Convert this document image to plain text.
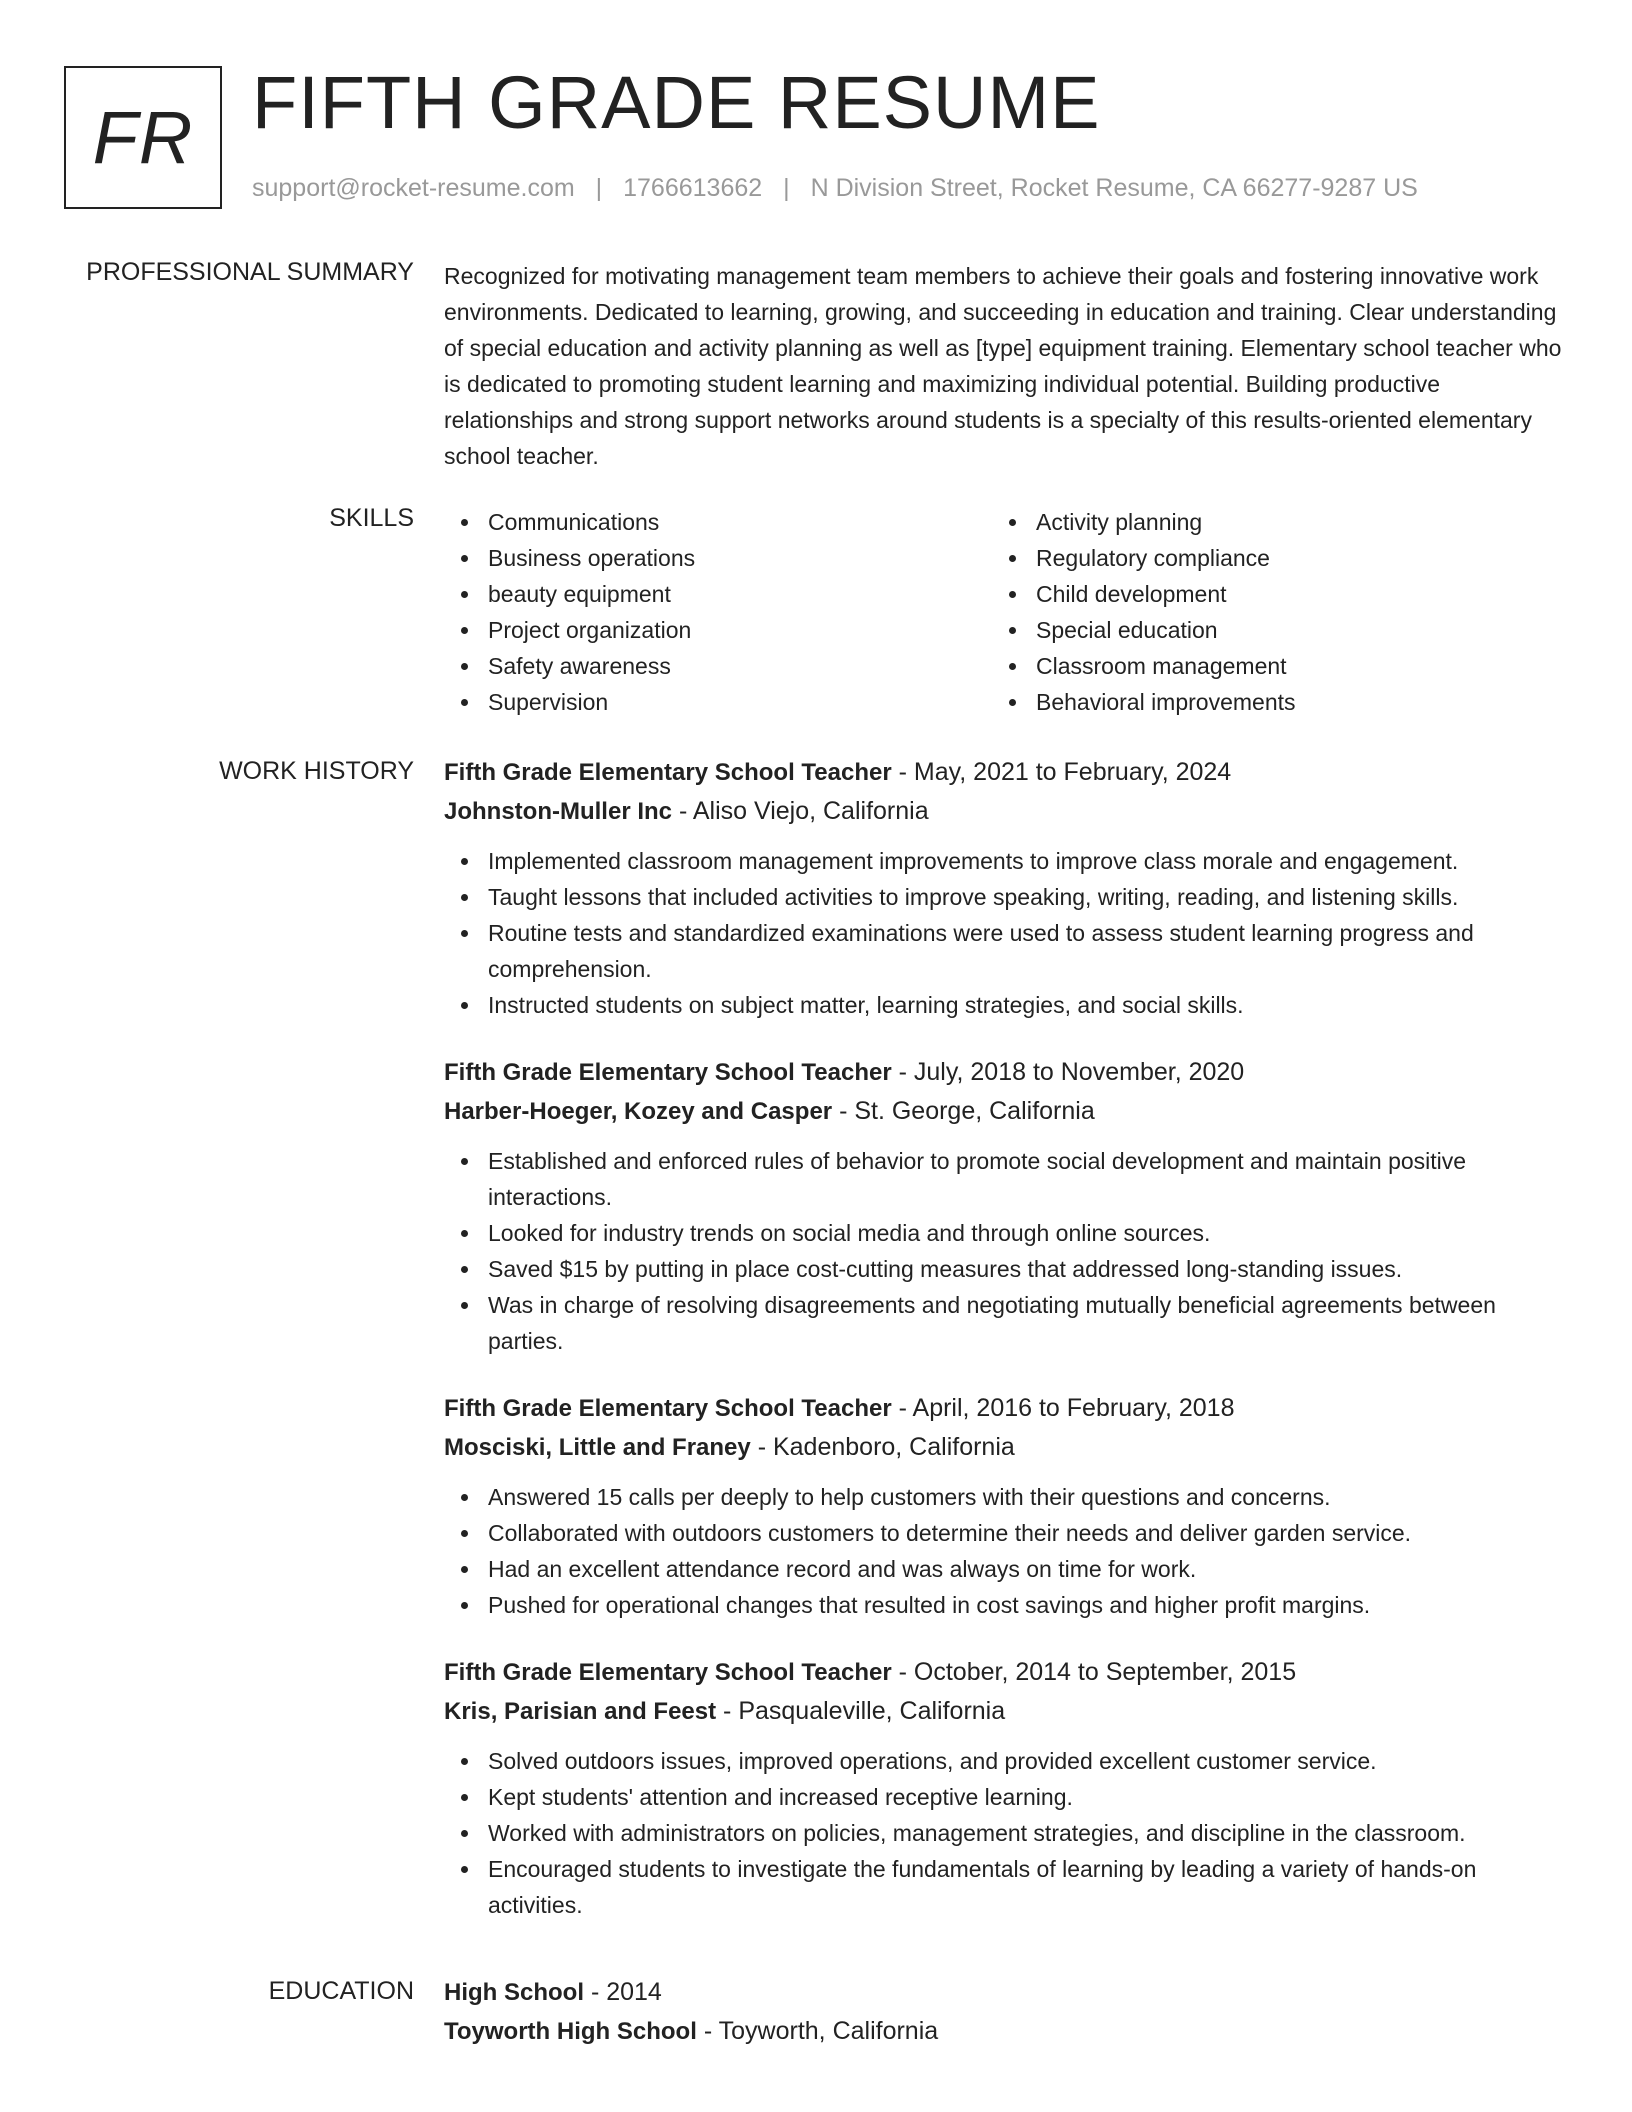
FR FIFTH GRADE RESUME
support@rocket-resume.com | 1766613662 | N Division Street, Rocket Resume, CA 66277-9287 US
PROFESSIONAL SUMMARY Recognized for motivating management team members to achieve their goals and fostering innovative work environments. Dedicated to learning, growing, and succeeding in education and training. Clear understanding of special education and activity planning as well as [type] equipment training. Elementary school teacher who is dedicated to promoting student learning and maximizing individual potential. Building productive relationships and strong support networks around students is a specialty of this results-oriented elementary school teacher.
SKILLS	Communications
Business operations
beauty equipment
Project organization
Safety awareness
Supervision
Activity planning
Regulatory compliance
Child development
Special education
Classroom management
Behavioral improvements
WORK HISTORY Fifth Grade Elementary School Teacher - May, 2021 to February, 2024
Johnston-Muller Inc - Aliso Viejo, California
Implemented classroom management improvements to improve class morale and engagement.
Taught lessons that included activities to improve speaking, writing, reading, and listening skills.
Routine tests and standardized examinations were used to assess student learning progress and comprehension.
Instructed students on subject matter, learning strategies, and social skills.
Fifth Grade Elementary School Teacher - July, 2018 to November, 2020
Harber-Hoeger, Kozey and Casper - St. George, California
Established and enforced rules of behavior to promote social development and maintain positive interactions.
Looked for industry trends on social media and through online sources.
Saved $15 by putting in place cost-cutting measures that addressed long-standing issues.
Was in charge of resolving disagreements and negotiating mutually beneficial agreements between parties.
Fifth Grade Elementary School Teacher - April, 2016 to February, 2018
Mosciski, Little and Franey - Kadenboro, California
Answered 15 calls per deeply to help customers with their questions and concerns.
Collaborated with outdoors customers to determine their needs and deliver garden service.
Had an excellent attendance record and was always on time for work.
Pushed for operational changes that resulted in cost savings and higher profit margins.
Fifth Grade Elementary School Teacher - October, 2014 to September, 2015
Kris, Parisian and Feest - Pasqualeville, California
Solved outdoors issues, improved operations, and provided excellent customer service.
Kept students' attention and increased receptive learning.
Worked with administrators on policies, management strategies, and discipline in the classroom.
Encouraged students to investigate the fundamentals of learning by leading a variety of hands-on activities.
EDUCATION High School - 2014
Toyworth High School - Toyworth, California
